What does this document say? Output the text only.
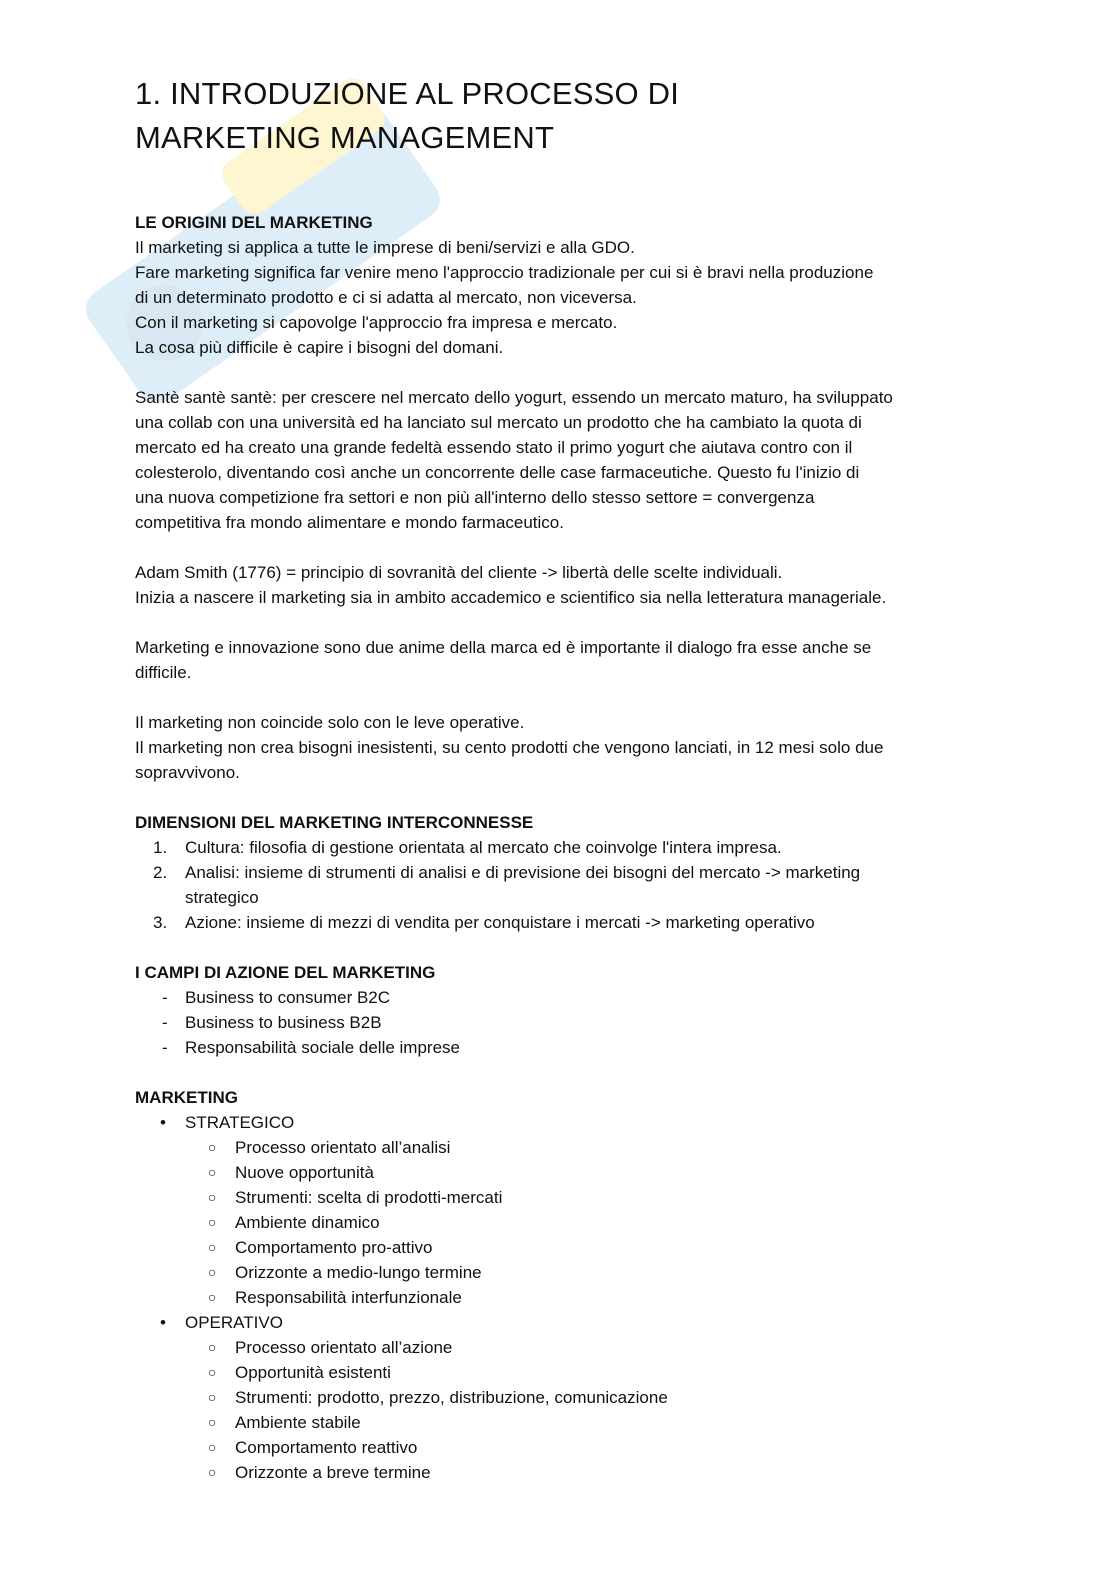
1. INTRODUZIONE AL PROCESSO DI
MARKETING MANAGEMENT
LE ORIGINI DEL MARKETING

Il marketing si applica a tutte le imprese di beni/servizi e alla GDO.

Fare marketing significa far venire meno l'approccio tradizionale per cui si è bravi nella produzione

di un determinato prodotto e ci si adatta al mercato, non viceversa.

Con il marketing si capovolge l'approccio fra impresa e mercato.

La cosa più difficile è capire i bisogni del domani.

Santè santè santè: per crescere nel mercato dello yogurt, essendo un mercato maturo, ha sviluppato

una collab con una università ed ha lanciato sul mercato un prodotto che ha cambiato la quota di

mercato ed ha creato una grande fedeltà essendo stato il primo yogurt che aiutava contro con il

colesterolo, diventando così anche un concorrente delle case farmaceutiche. Questo fu l'inizio di

una nuova competizione fra settori e non più all'interno dello stesso settore = convergenza

competitiva fra mondo alimentare e mondo farmaceutico.

Adam Smith (1776) = principio di sovranità del cliente -> libertà delle scelte individuali.

Inizia a nascere il marketing sia in ambito accademico e scientifico sia nella letteratura manageriale.

Marketing e innovazione sono due anime della marca ed è importante il dialogo fra esse anche se

difficile.

Il marketing non coincide solo con le leve operative.

Il marketing non crea bisogni inesistenti, su cento prodotti che vengono lanciati, in 12 mesi solo due

sopravvivono.

DIMENSIONI DEL MARKETING INTERCONNESSE
1. Cultura: filosofia di gestione orientata al mercato che coinvolge l'intera impresa.
2. Analisi: insieme di strumenti di analisi e di previsione dei bisogni del mercato -> marketing
strategico
3. Azione: insieme di mezzi di vendita per conquistare i mercati -> marketing operativo
I CAMPI DI AZIONE DEL MARKETING
- Business to consumer B2C
- Business to business B2B
- Responsabilità sociale delle imprese
MARKETING
• STRATEGICO
○ Processo orientato all’analisi
○ Nuove opportunità
○ Strumenti: scelta di prodotti-mercati
○ Ambiente dinamico
○ Comportamento pro-attivo
○ Orizzonte a medio-lungo termine
○ Responsabilità interfunzionale
• OPERATIVO
○ Processo orientato all’azione
○ Opportunità esistenti
○ Strumenti: prodotto, prezzo, distribuzione, comunicazione
○ Ambiente stabile
○ Comportamento reattivo
○ Orizzonte a breve termine
